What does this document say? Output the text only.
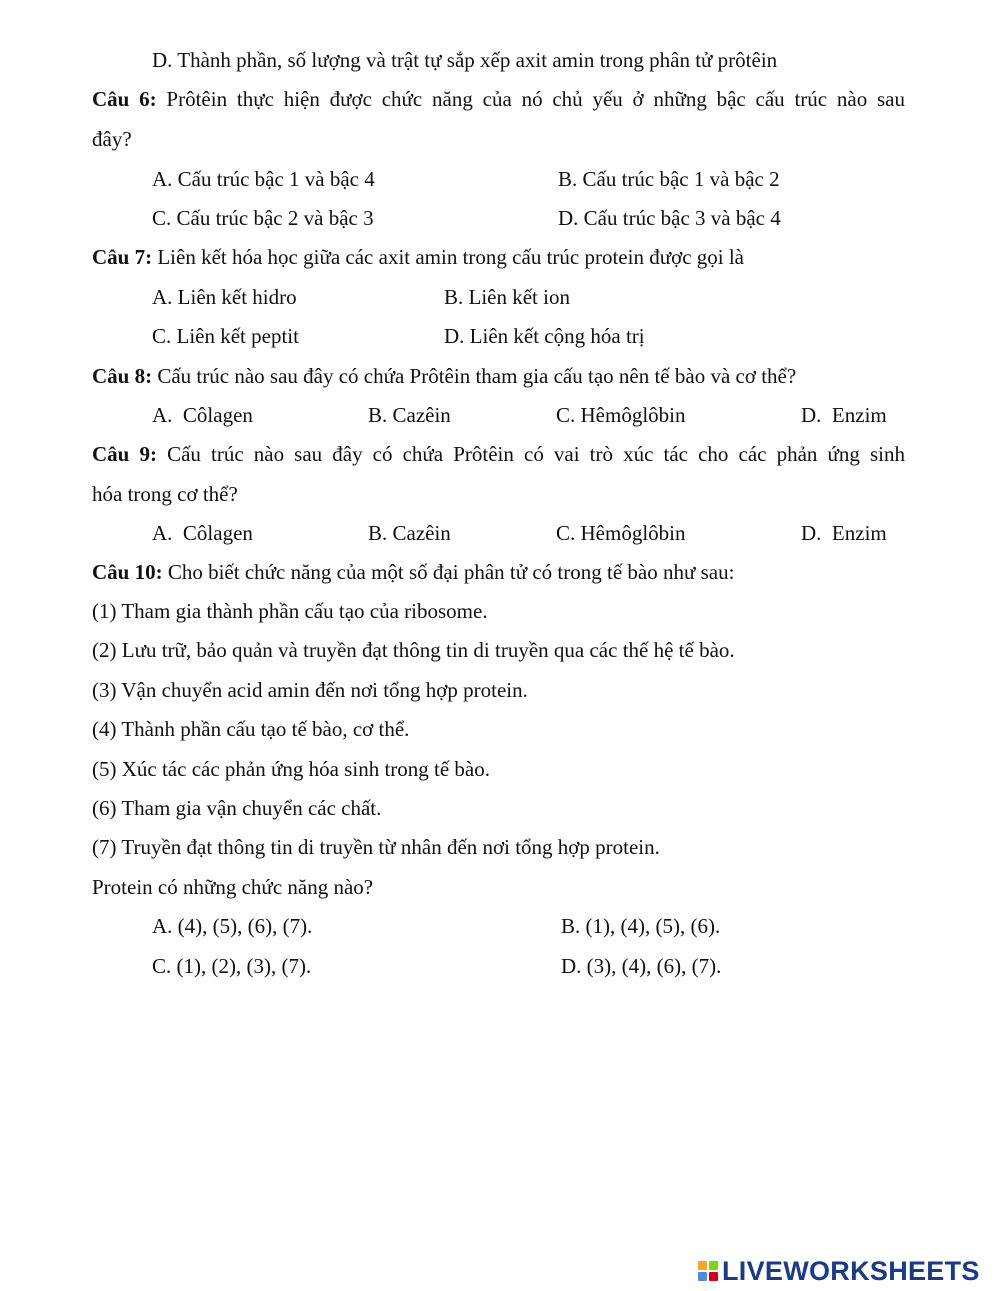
D. Thành phần, số lượng và trật tự sắp xếp axit amin trong phân tử prôtêin
Câu 6: Prôtêin thực hiện được chức năng của nó chủ yếu ở những bậc cấu trúc nào sau
đây?
A. Cấu trúc bậc 1 và bậc 4	B. Cấu trúc bậc 1 và bậc 2
C. Cấu trúc bậc 2 và bậc 3	D. Cấu trúc bậc 3 và bậc 4
Câu 7: Liên kết hóa học giữa các axit amin trong cấu trúc protein được gọi là
A. Liên kết hidro	B. Liên kết ion
C. Liên kết peptit	D. Liên kết cộng hóa trị
Câu 8: Cấu trúc nào sau đây có chứa Prôtêin tham gia cấu tạo nên tế bào và cơ thể?
A.  Côlagen	B. Cazêin	C. Hêmôglôbin	D.  Enzim
Câu 9: Cấu trúc nào sau đây có chứa Prôtêin có vai trò xúc tác cho các phản ứng sinh
hóa trong cơ thể?
A.  Côlagen	B. Cazêin	C. Hêmôglôbin	D.  Enzim
Câu 10: Cho biết chức năng của một số đại phân tử có trong tế bào như sau:
(1) Tham gia thành phần cấu tạo của ribosome.
(2) Lưu trữ, bảo quản và truyền đạt thông tin di truyền qua các thế hệ tế bào.
(3) Vận chuyển acid amin đến nơi tổng hợp protein.
(4) Thành phần cấu tạo tế bào, cơ thể.
(5) Xúc tác các phản ứng hóa sinh trong tế bào.
(6) Tham gia vận chuyển các chất.
(7) Truyền đạt thông tin di truyền từ nhân đến nơi tổng hợp protein.
Protein có những chức năng nào?
A. (4), (5), (6), (7).	B. (1), (4), (5), (6).
C. (1), (2), (3), (7).	D. (3), (4), (6), (7).
LIVEWORKSHEETS
